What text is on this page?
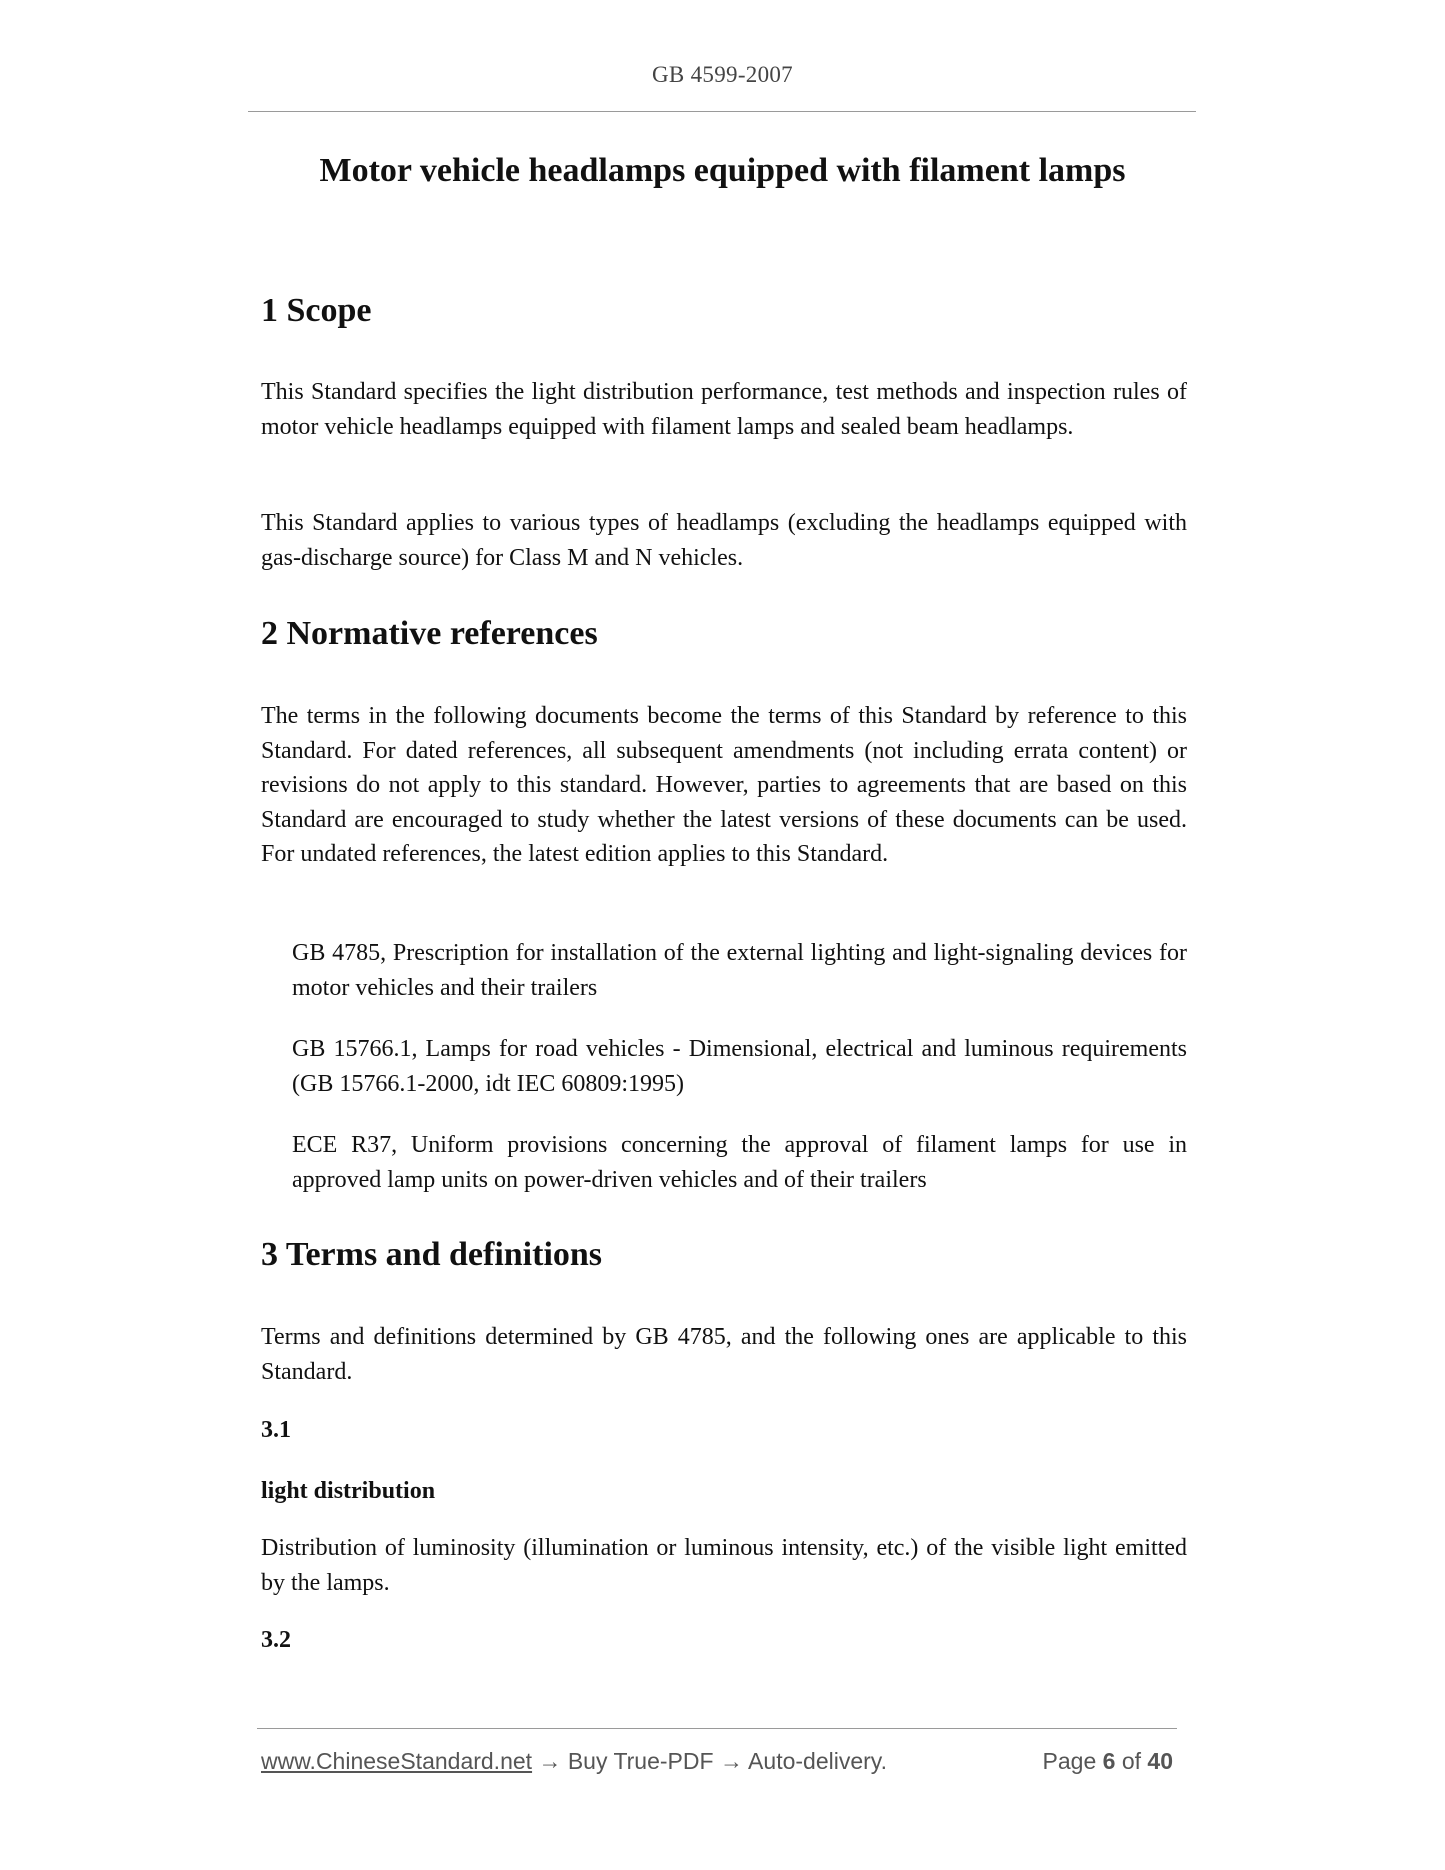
GB 4599-2007
Motor vehicle headlamps equipped with filament lamps
1 Scope

This Standard specifies the light distribution performance, test methods and inspection rules of motor vehicle headlamps equipped with filament lamps and sealed beam headlamps.

This Standard applies to various types of headlamps (excluding the headlamps equipped with gas-discharge source) for Class M and N vehicles.

2 Normative references

The terms in the following documents become the terms of this Standard by reference to this Standard. For dated references, all subsequent amendments (not including errata content) or revisions do not apply to this standard. However, parties to agreements that are based on this Standard are encouraged to study whether the latest versions of these documents can be used. For undated references, the latest edition applies to this Standard.

GB 4785, Prescription for installation of the external lighting and light-signaling devices for motor vehicles and their trailers

GB 15766.1, Lamps for road vehicles - Dimensional, electrical and luminous requirements (GB 15766.1-2000, idt IEC 60809:1995)

ECE R37, Uniform provisions concerning the approval of filament lamps for use in approved lamp units on power-driven vehicles and of their trailers

3 Terms and definitions

Terms and definitions determined by GB 4785, and the following ones are applicable to this Standard.

3.1

light distribution

Distribution of luminosity (illumination or luminous intensity, etc.) of the visible light emitted by the lamps.

3.2

www.ChineseStandard.net → Buy True-PDF → Auto-delivery.	Page 6 of 40
